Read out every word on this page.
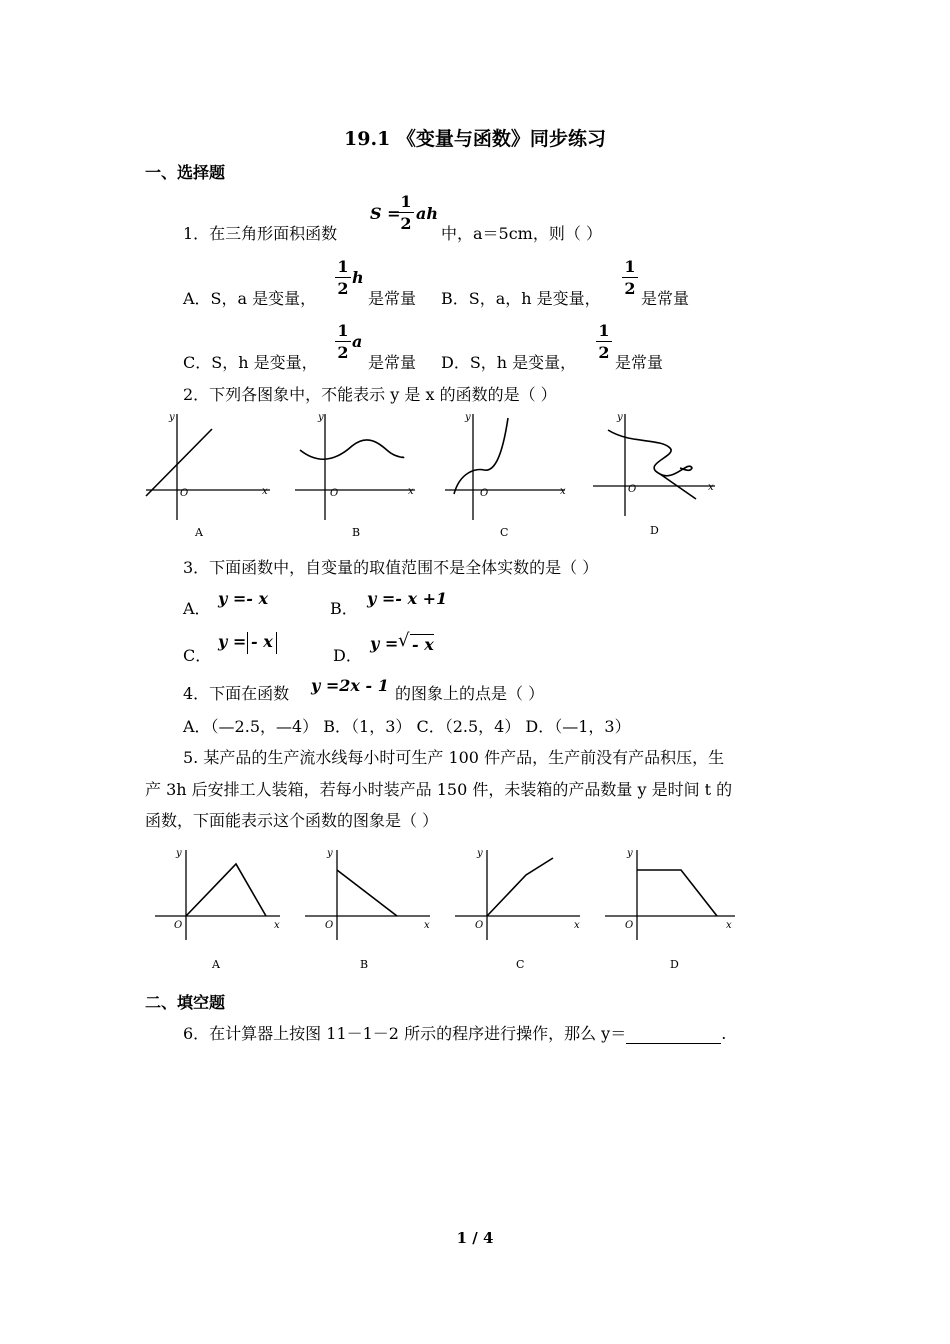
19.1 《变量与函数》同步练习
一、选择题
1．在三角形面积函数
S =
1
2
ah
中，a＝5cm，则（ ）
A．S，a 是变量，
1
2
h
是常量 B．S，a，h 是变量，
1
2
是常量
C．S，h 是变量，
1
2
a
是常量 D．S，h 是变量，
1
2
是常量
2．下列各图象中，不能表示 y 是 x 的函数的是（ ）
y
x
O
y
x
O
y
x
O
y
x
O
A	B	C	D
3．下面函数中，自变量的取值范围不是全体实数的是（ ）
A．
y =- x
B．
y =- x +1
C．
y = - x
D．
y = √ - x
4．下面在函数 y =2x - 1 的图象上的点是（ ）
A．（—2.5，—4） B．（1，3） C．（2.5，4） D．（—1，3）
5. 某产品的生产流水线每小时可生产 100 件产品，生产前没有产品积压，生
产 3h 后安排工人装箱，若每小时装产品 150 件，未装箱的产品数量 y 是时间 t 的
函数，下面能表示这个函数的图象是（ ）
y
x
O
y
x
O
y
x
O
y
x
O
A	B	C	D
二、填空题
6．在计算器上按图 11－1－2 所示的程序进行操作，那么 y＝	.
1 / 4
